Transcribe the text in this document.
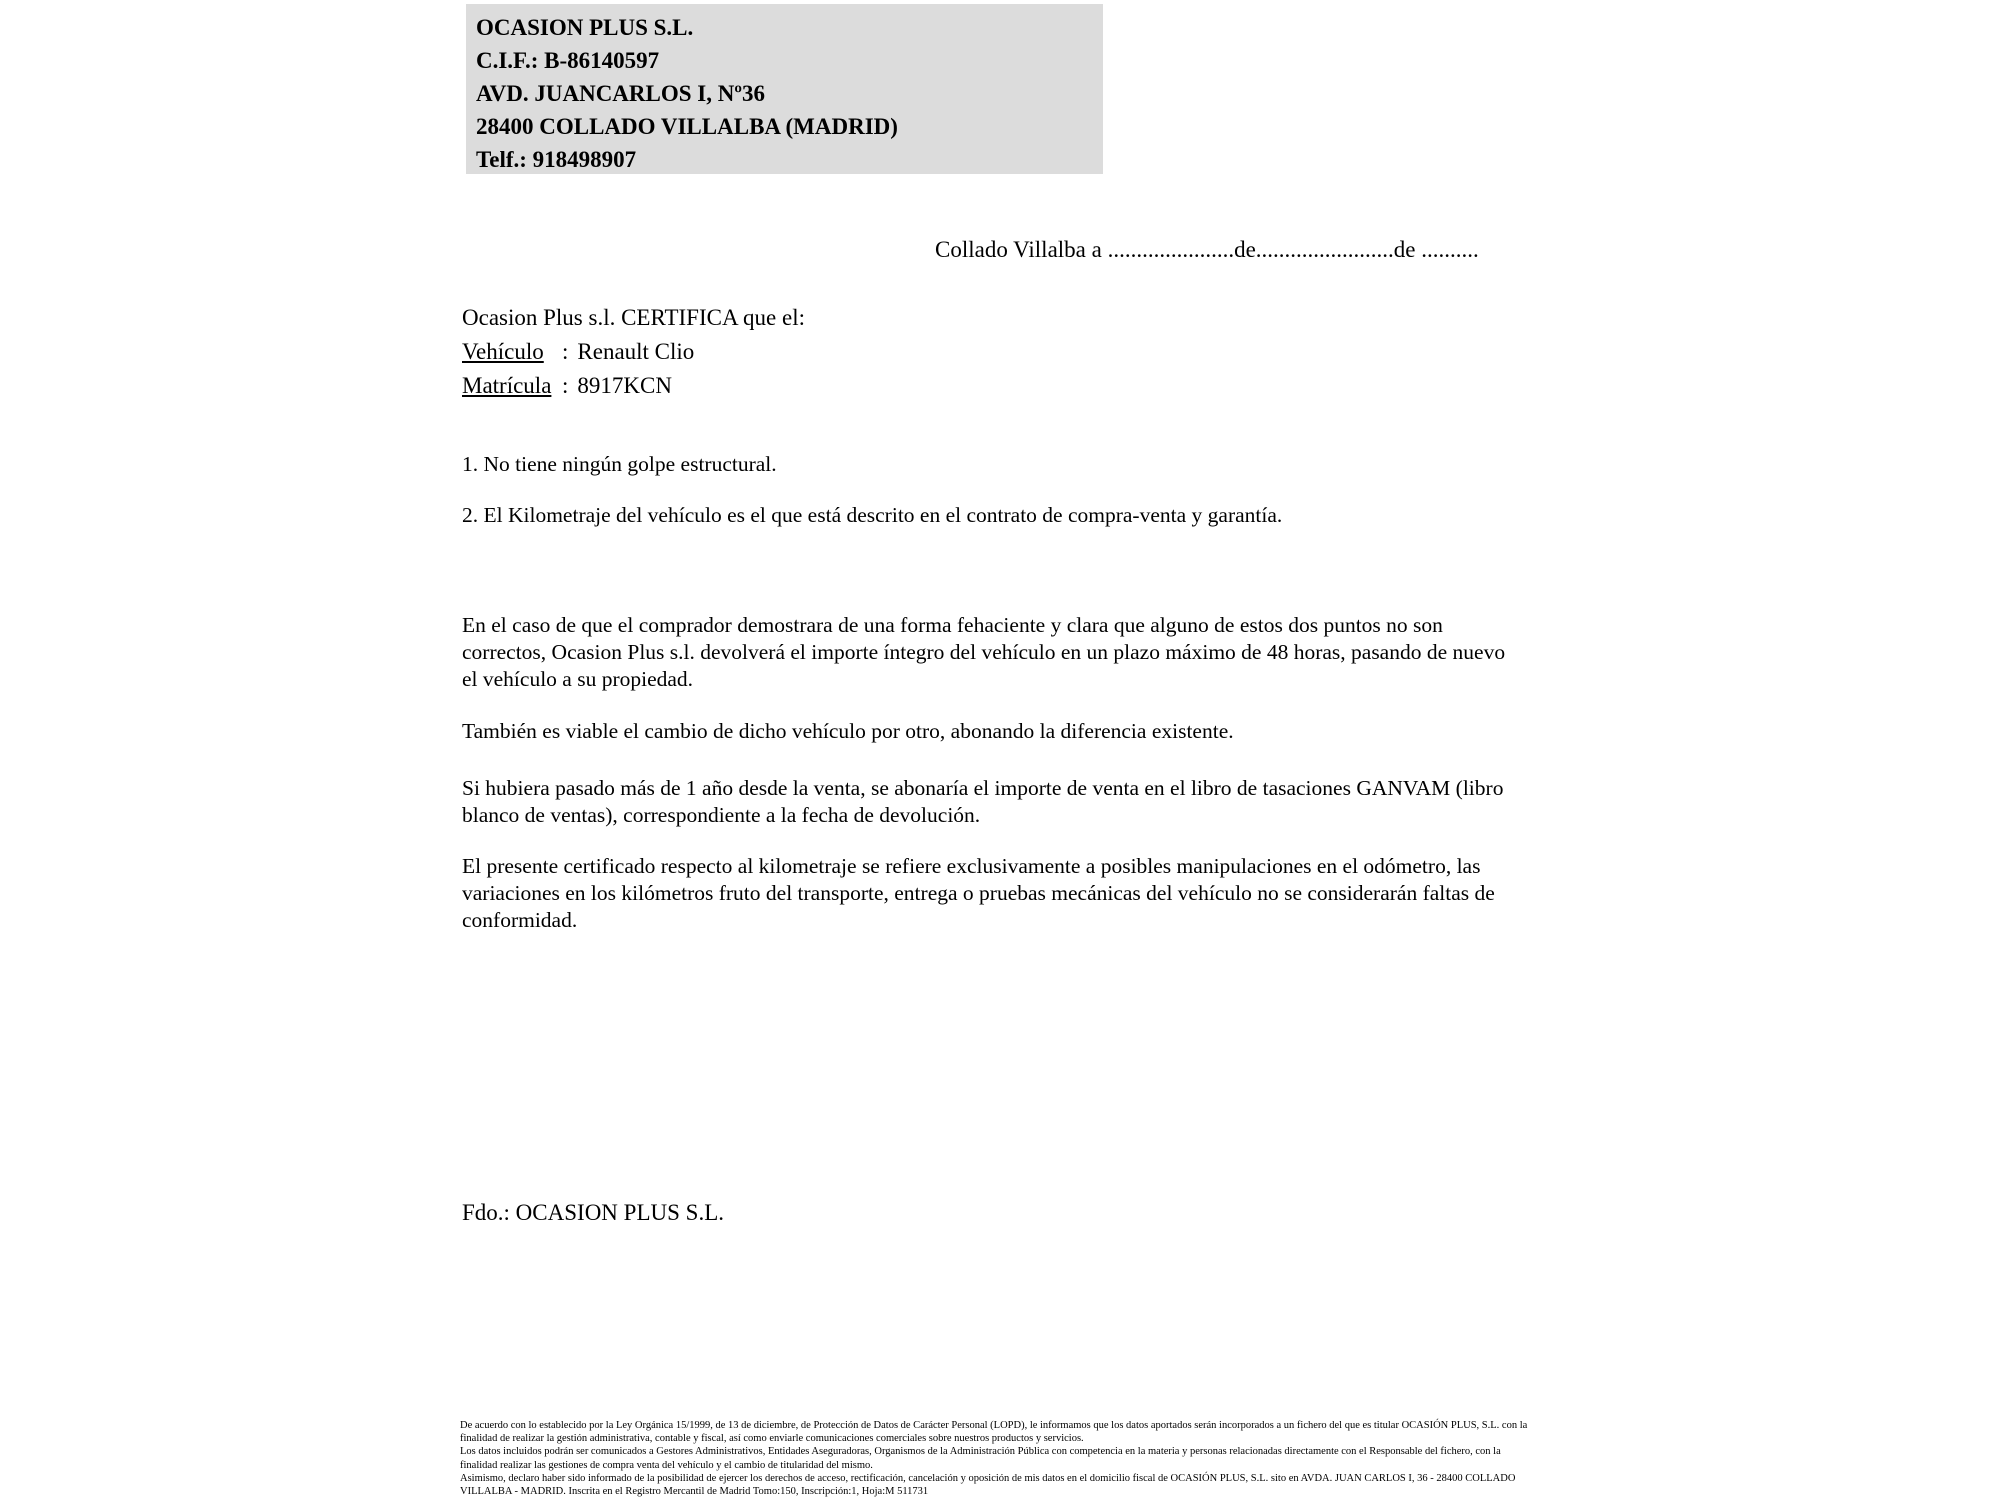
OCASION PLUS S.L.
C.I.F.: B-86140597
AVD. JUANCARLOS I, Nº36
28400 COLLADO VILLALBA (MADRID)
Telf.: 918498907
Collado Villalba a ......................de........................de ..........
Ocasion Plus s.l. CERTIFICA que el:
Vehículo : Renault Clio
Matrícula : 8917KCN
1. No tiene ningún golpe estructural.
2. El Kilometraje del vehículo es el que está descrito en el contrato de compra-venta y garantía.
En el caso de que el comprador demostrara de una forma fehaciente y clara que alguno de estos dos puntos no son correctos, Ocasion Plus s.l. devolverá el importe íntegro del vehículo en un plazo máximo de 48 horas, pasando de nuevo el vehículo a su propiedad.
También es viable el cambio de dicho vehículo por otro, abonando la diferencia existente.
Si hubiera pasado más de 1 año desde la venta, se abonaría el importe de venta en el libro de tasaciones GANVAM (libro blanco de ventas), correspondiente a la fecha de devolución.
El presente certificado respecto al kilometraje se refiere exclusivamente a posibles manipulaciones en el odómetro, las variaciones en los kilómetros fruto del transporte, entrega o pruebas mecánicas del vehículo no se considerarán faltas de conformidad.
Fdo.: OCASION PLUS S.L.

De acuerdo con lo establecido por la Ley Orgánica 15/1999, de 13 de diciembre, de Protección de Datos de Carácter Personal (LOPD), le informamos que los datos aportados serán incorporados a un fichero del que es titular OCASIÓN PLUS, S.L. con la finalidad de realizar la gestión administrativa, contable y fiscal, así como enviarle comunicaciones comerciales sobre nuestros productos y servicios.

Los datos incluidos podrán ser comunicados a Gestores Administrativos, Entidades Aseguradoras, Organismos de la Administración Pública con competencia en la materia y personas relacionadas directamente con el Responsable del fichero, con la finalidad realizar las gestiones de compra venta del vehículo y el cambio de titularidad del mismo.

Asimismo, declaro haber sido informado de la posibilidad de ejercer los derechos de acceso, rectificación, cancelación y oposición de mis datos en el domicilio fiscal de OCASIÓN PLUS, S.L. sito en AVDA. JUAN CARLOS I, 36 - 28400 COLLADO VILLALBA - MADRID. Inscrita en el Registro Mercantil de Madrid Tomo:150, Inscripción:1, Hoja:M 511731
